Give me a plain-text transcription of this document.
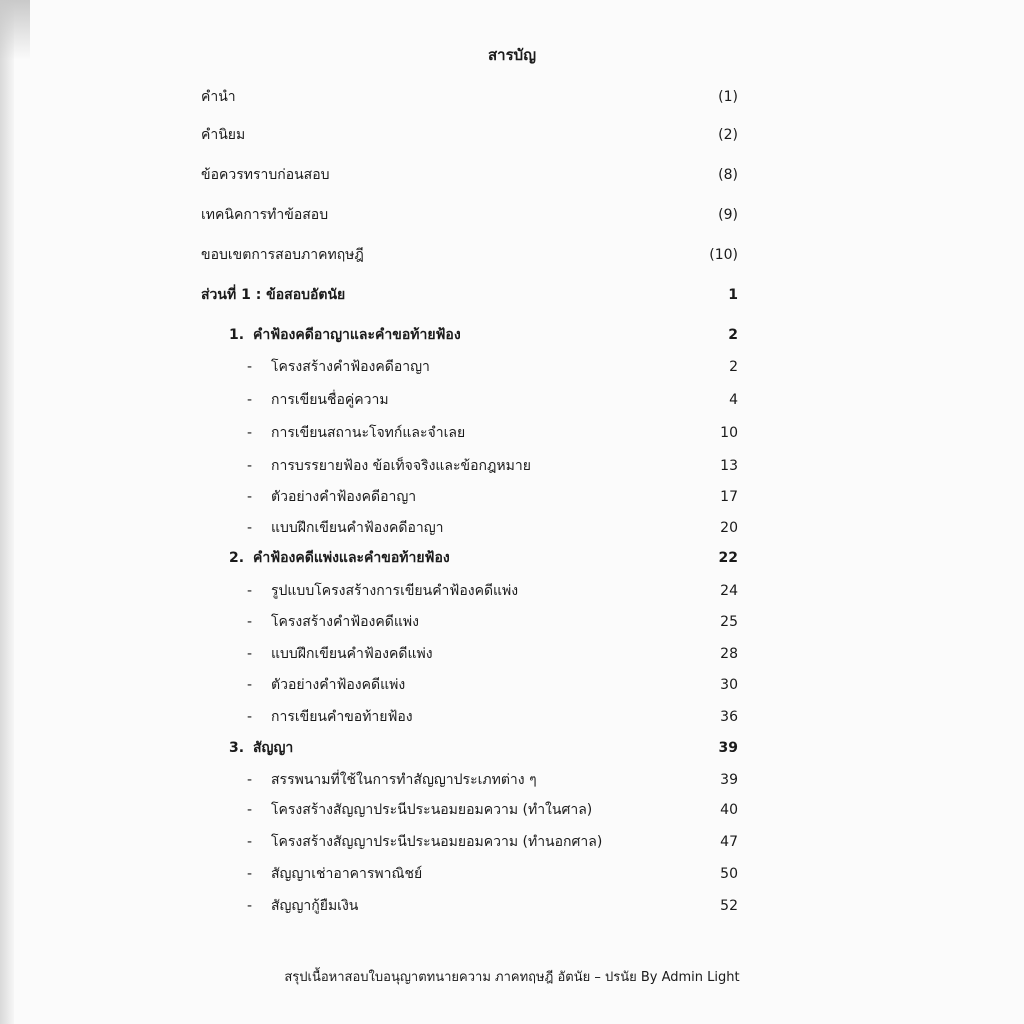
สารบัญ
คำนำ	(1)
คำนิยม	(2)
ข้อควรทราบก่อนสอบ	(8)
เทคนิคการทำข้อสอบ	(9)
ขอบเขตการสอบภาคทฤษฎี	(10)
ส่วนที่ 1 : ข้อสอบอัตนัย	1
1. คำฟ้องคดีอาญาและคำขอท้ายฟ้อง	2
- โครงสร้างคำฟ้องคดีอาญา	2
- การเขียนชื่อคู่ความ	4
- การเขียนสถานะโจทก์และจำเลย	10
- การบรรยายฟ้อง ข้อเท็จจริงและข้อกฎหมาย	13
- ตัวอย่างคำฟ้องคดีอาญา	17
- แบบฝึกเขียนคำฟ้องคดีอาญา	20
2. คำฟ้องคดีแพ่งและคำขอท้ายฟ้อง	22
- รูปแบบโครงสร้างการเขียนคำฟ้องคดีแพ่ง	24
- โครงสร้างคำฟ้องคดีแพ่ง	25
- แบบฝึกเขียนคำฟ้องคดีแพ่ง	28
- ตัวอย่างคำฟ้องคดีแพ่ง	30
- การเขียนคำขอท้ายฟ้อง	36
3. สัญญา	39
- สรรพนามที่ใช้ในการทำสัญญาประเภทต่าง ๆ	39
- โครงสร้างสัญญาประนีประนอมยอมความ (ทำในศาล)	40
- โครงสร้างสัญญาประนีประนอมยอมความ (ทำนอกศาล)	47
- สัญญาเช่าอาคารพาณิชย์	50
- สัญญากู้ยืมเงิน	52
สรุปเนื้อหาสอบใบอนุญาตทนายความ ภาคทฤษฎี อัตนัย – ปรนัย By Admin Light
